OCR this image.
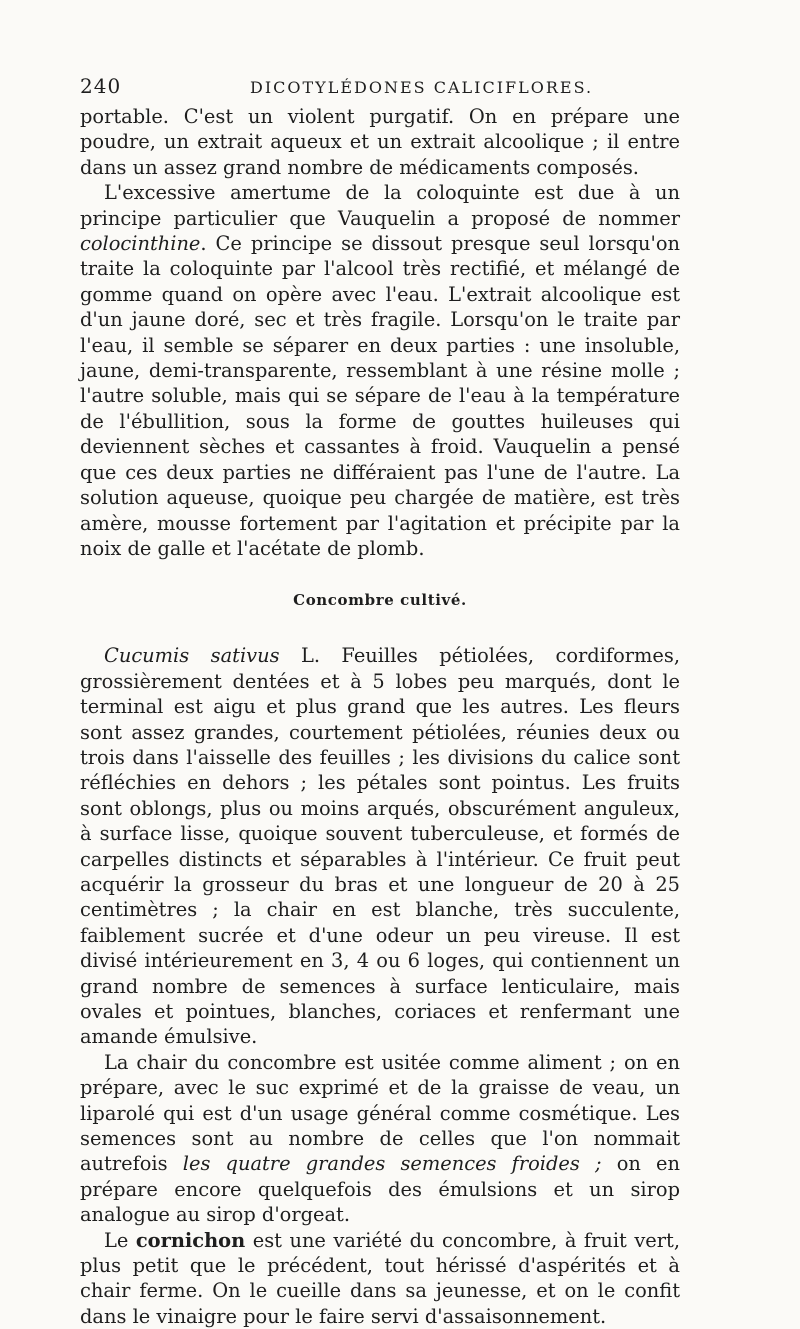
240	DICOTYLÉDONES CALICIFLORES.

portable. C'est un violent purgatif. On en prépare une poudre, un extrait aqueux et un extrait alcoolique ; il entre dans un assez grand nombre de médicaments composés.

L'excessive amertume de la coloquinte est due à un principe particulier que Vauquelin a proposé de nommer colocinthine. Ce principe se dissout presque seul lorsqu'on traite la coloquinte par l'alcool très rectifié, et mélangé de gomme quand on opère avec l'eau. L'extrait alcoolique est d'un jaune doré, sec et très fragile. Lorsqu'on le traite par l'eau, il semble se séparer en deux parties : une insoluble, jaune, demi-transparente, ressemblant à une résine molle ; l'autre soluble, mais qui se sépare de l'eau à la température de l'ébullition, sous la forme de gouttes huileuses qui deviennent sèches et cassantes à froid. Vauquelin a pensé que ces deux parties ne différaient pas l'une de l'autre. La solution aqueuse, quoique peu chargée de matière, est très amère, mousse fortement par l'agitation et précipite par la noix de galle et l'acétate de plomb.

Concombre cultivé.

Cucumis sativus L. Feuilles pétiolées, cordiformes, grossièrement dentées et à 5 lobes peu marqués, dont le terminal est aigu et plus grand que les autres. Les fleurs sont assez grandes, courtement pétiolées, réunies deux ou trois dans l'aisselle des feuilles ; les divisions du calice sont réfléchies en dehors ; les pétales sont pointus. Les fruits sont oblongs, plus ou moins arqués, obscurément anguleux, à surface lisse, quoique souvent tuberculeuse, et formés de carpelles distincts et séparables à l'intérieur. Ce fruit peut acquérir la grosseur du bras et une longueur de 20 à 25 centimètres ; la chair en est blanche, très succulente, faiblement sucrée et d'une odeur un peu vireuse. Il est divisé intérieurement en 3, 4 ou 6 loges, qui contiennent un grand nombre de semences à surface lenticulaire, mais ovales et pointues, blanches, coriaces et renfermant une amande émulsive.

La chair du concombre est usitée comme aliment ; on en prépare, avec le suc exprimé et de la graisse de veau, un liparolé qui est d'un usage général comme cosmétique. Les semences sont au nombre de celles que l'on nommait autrefois les quatre grandes semences froides ; on en prépare encore quelquefois des émulsions et un sirop analogue au sirop d'orgeat.

Le cornichon est une variété du concombre, à fruit vert, plus petit que le précédent, tout hérissé d'aspérités et à chair ferme. On le cueille dans sa jeunesse, et on le confit dans le vinaigre pour le faire servi d'assaisonnement.
